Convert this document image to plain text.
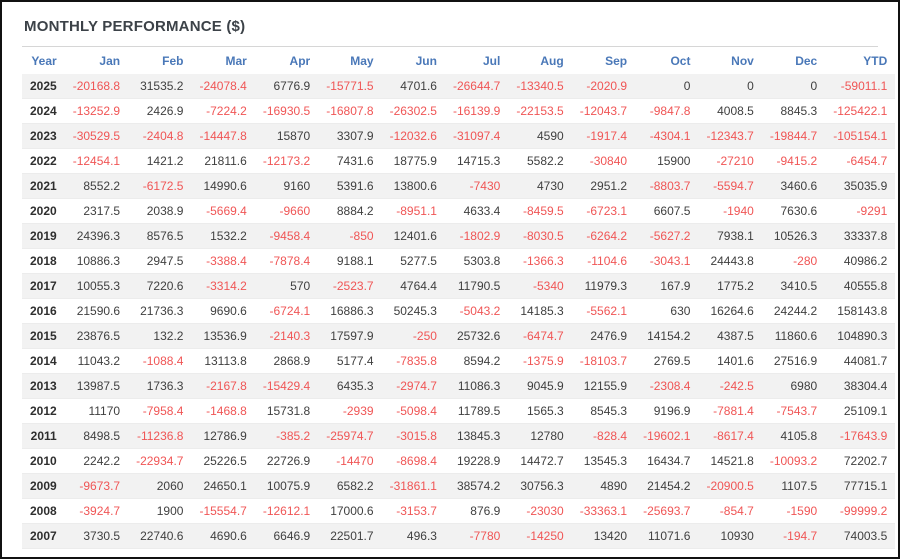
MONTHLY PERFORMANCE ($)
Year	Jan	Feb	Mar	Apr	May	Jun	Jul	Aug	Sep	Oct	Nov	Dec	YTD
2025	-20168.8	31535.2	-24078.4	6776.9	-15771.5	4701.6	-26644.7	-13340.5	-2020.9	0	0	0	-59011.1
2024	-13252.9	2426.9	-7224.2	-16930.5	-16807.8	-26302.5	-16139.9	-22153.5	-12043.7	-9847.8	4008.5	8845.3	-125422.1
2023	-30529.5	-2404.8	-14447.8	15870	3307.9	-12032.6	-31097.4	4590	-1917.4	-4304.1	-12343.7	-19844.7	-105154.1
2022	-12454.1	1421.2	21811.6	-12173.2	7431.6	18775.9	14715.3	5582.2	-30840	15900	-27210	-9415.2	-6454.7
2021	8552.2	-6172.5	14990.6	9160	5391.6	13800.6	-7430	4730	2951.2	-8803.7	-5594.7	3460.6	35035.9
2020	2317.5	2038.9	-5669.4	-9660	8884.2	-8951.1	4633.4	-8459.5	-6723.1	6607.5	-1940	7630.6	-9291
2019	24396.3	8576.5	1532.2	-9458.4	-850	12401.6	-1802.9	-8030.5	-6264.2	-5627.2	7938.1	10526.3	33337.8
2018	10886.3	2947.5	-3388.4	-7878.4	9188.1	5277.5	5303.8	-1366.3	-1104.6	-3043.1	24443.8	-280	40986.2
2017	10055.3	7220.6	-3314.2	570	-2523.7	4764.4	11790.5	-5340	11979.3	167.9	1775.2	3410.5	40555.8
2016	21590.6	21736.3	9690.6	-6724.1	16886.3	50245.3	-5043.2	14185.3	-5562.1	630	16264.6	24244.2	158143.8
2015	23876.5	132.2	13536.9	-2140.3	17597.9	-250	25732.6	-6474.7	2476.9	14154.2	4387.5	11860.6	104890.3
2014	11043.2	-1088.4	13113.8	2868.9	5177.4	-7835.8	8594.2	-1375.9	-18103.7	2769.5	1401.6	27516.9	44081.7
2013	13987.5	1736.3	-2167.8	-15429.4	6435.3	-2974.7	11086.3	9045.9	12155.9	-2308.4	-242.5	6980	38304.4
2012	11170	-7958.4	-1468.8	15731.8	-2939	-5098.4	11789.5	1565.3	8545.3	9196.9	-7881.4	-7543.7	25109.1
2011	8498.5	-11236.8	12786.9	-385.2	-25974.7	-3015.8	13845.3	12780	-828.4	-19602.1	-8617.4	4105.8	-17643.9
2010	2242.2	-22934.7	25226.5	22726.9	-14470	-8698.4	19228.9	14472.7	13545.3	16434.7	14521.8	-10093.2	72202.7
2009	-9673.7	2060	24650.1	10075.9	6582.2	-31861.1	38574.2	30756.3	4890	21454.2	-20900.5	1107.5	77715.1
2008	-3924.7	1900	-15554.7	-12612.1	17000.6	-3153.7	876.9	-23030	-33363.1	-25693.7	-854.7	-1590	-99999.2
2007	3730.5	22740.6	4690.6	6646.9	22501.7	496.3	-7780	-14250	13420	11071.6	10930	-194.7	74003.5
